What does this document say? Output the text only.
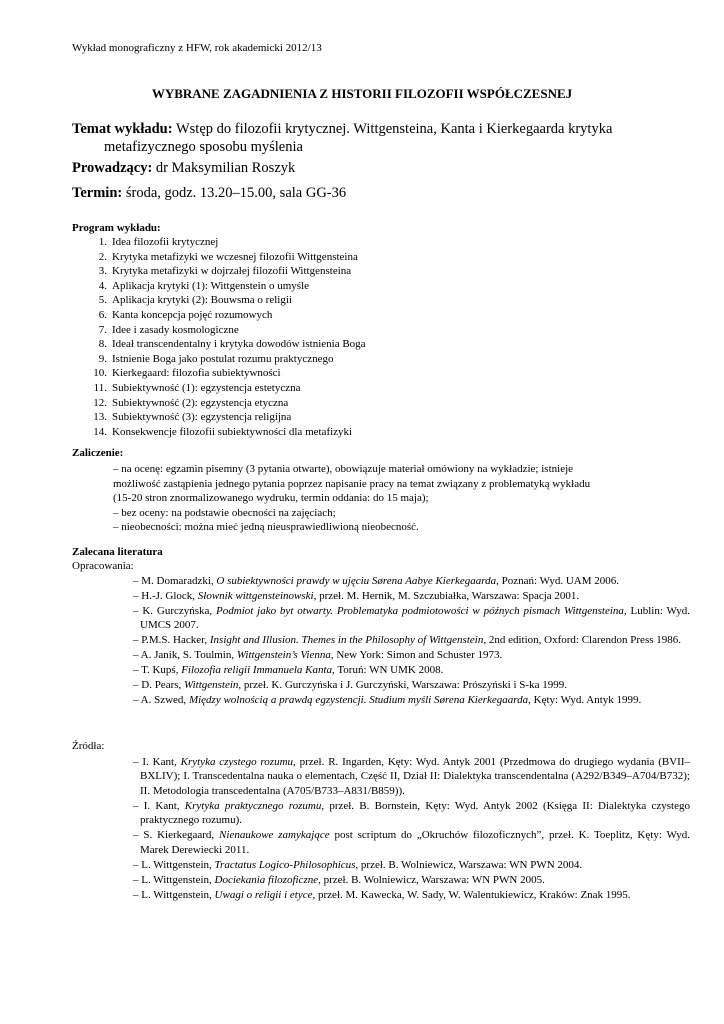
Wykład monograficzny z HFW, rok akademicki 2012/13
WYBRANE ZAGADNIENIA Z HISTORII FILOZOFII WSPÓŁCZESNEJ
Temat wykładu: Wstęp do filozofii krytycznej. Wittgensteina, Kanta i Kierkegaarda krytyka
metafizycznego sposobu myślenia
Prowadzący: dr Maksymilian Roszyk
Termin: środa, godz. 13.20–15.00, sala GG-36
Program wykładu:
1. Idea filozofii krytycznej
2. Krytyka metafizyki we wczesnej filozofii Wittgensteina
3. Krytyka metafizyki w dojrzałej filozofii Wittgensteina
4. Aplikacja krytyki (1): Wittgenstein o umyśle
5. Aplikacja krytyki (2): Bouwsma o religii
6. Kanta koncepcja pojęć rozumowych
7. Idee i zasady kosmologiczne
8. Ideał transcendentalny i krytyka dowodów istnienia Boga
9. Istnienie Boga jako postulat rozumu praktycznego
10. Kierkegaard: filozofia subiektywności
11. Subiektywność (1): egzystencja estetyczna
12. Subiektywność (2): egzystencja etyczna
13. Subiektywność (3): egzystencja religijna
14. Konsekwencje filozofii subiektywności dla metafizyki
Zaliczenie:
– na ocenę: egzamin pisemny (3 pytania otwarte), obowiązuje materiał omówiony na wykładzie; istnieje
możliwość zastąpienia jednego pytania poprzez napisanie pracy na temat związany z problematyką wykładu
(15-20 stron znormalizowanego wydruku, termin oddania: do 15 maja);
– bez oceny: na podstawie obecności na zajęciach;
– nieobecności: można mieć jedną nieusprawiedliwioną nieobecność.
Zalecana literatura
Opracowania:
– M. Domaradzki, O subiektywności prawdy w ujęciu Sørena Aabye Kierkegaarda, Poznań: Wyd. UAM 2006.
– H.-J. Glock, Słownik wittgensteinowski, przeł. M. Hernik, M. Szczubiałka, Warszawa: Spacja 2001.
– K. Gurczyńska, Podmiot jako byt otwarty. Problematyka podmiotowości w późnych pismach Wittgensteina, Lublin: Wyd. UMCS 2007.
– P.M.S. Hacker, Insight and Illusion. Themes in the Philosophy of Wittgenstein, 2nd edition, Oxford: Clarendon Press 1986.
– A. Janik, S. Toulmin, Wittgenstein’s Vienna, New York: Simon and Schuster 1973.
– T. Kupś, Filozofia religii Immanuela Kanta, Toruń: WN UMK 2008.
– D. Pears, Wittgenstein, przeł. K. Gurczyńska i J. Gurczyński, Warszawa: Prószyński i S-ka 1999.
– A. Szwed, Między wolnością a prawdą egzystencji. Studium myśli Sørena Kierkegaarda, Kęty: Wyd. Antyk 1999.
Źródła:
– I. Kant, Krytyka czystego rozumu, przeł. R. Ingarden, Kęty: Wyd. Antyk 2001 (Przedmowa do drugiego wydania (BVII–BXLIV); I. Transcedentalna nauka o elementach, Część II, Dział II: Dialektyka transcendentalna (A292/B349–A704/B732); II. Metodologia transcedentalna (A705/B733–A831/B859)).
– I. Kant, Krytyka praktycznego rozumu, przeł. B. Bornstein, Kęty: Wyd. Antyk 2002 (Księga II: Dialektyka czystego praktycznego rozumu).
– S. Kierkegaard, Nienaukowe zamykające post scriptum do „Okruchów filozoficznych”, przeł. K. Toeplitz, Kęty: Wyd. Marek Derewiecki 2011.
– L. Wittgenstein, Tractatus Logico-Philosophicus, przeł. B. Wolniewicz, Warszawa: WN PWN 2004.
– L. Wittgenstein, Dociekania filozoficzne, przeł. B. Wolniewicz, Warszawa: WN PWN 2005.
– L. Wittgenstein, Uwagi o religii i etyce, przeł. M. Kawecka, W. Sady, W. Walentukiewicz, Kraków: Znak 1995.
